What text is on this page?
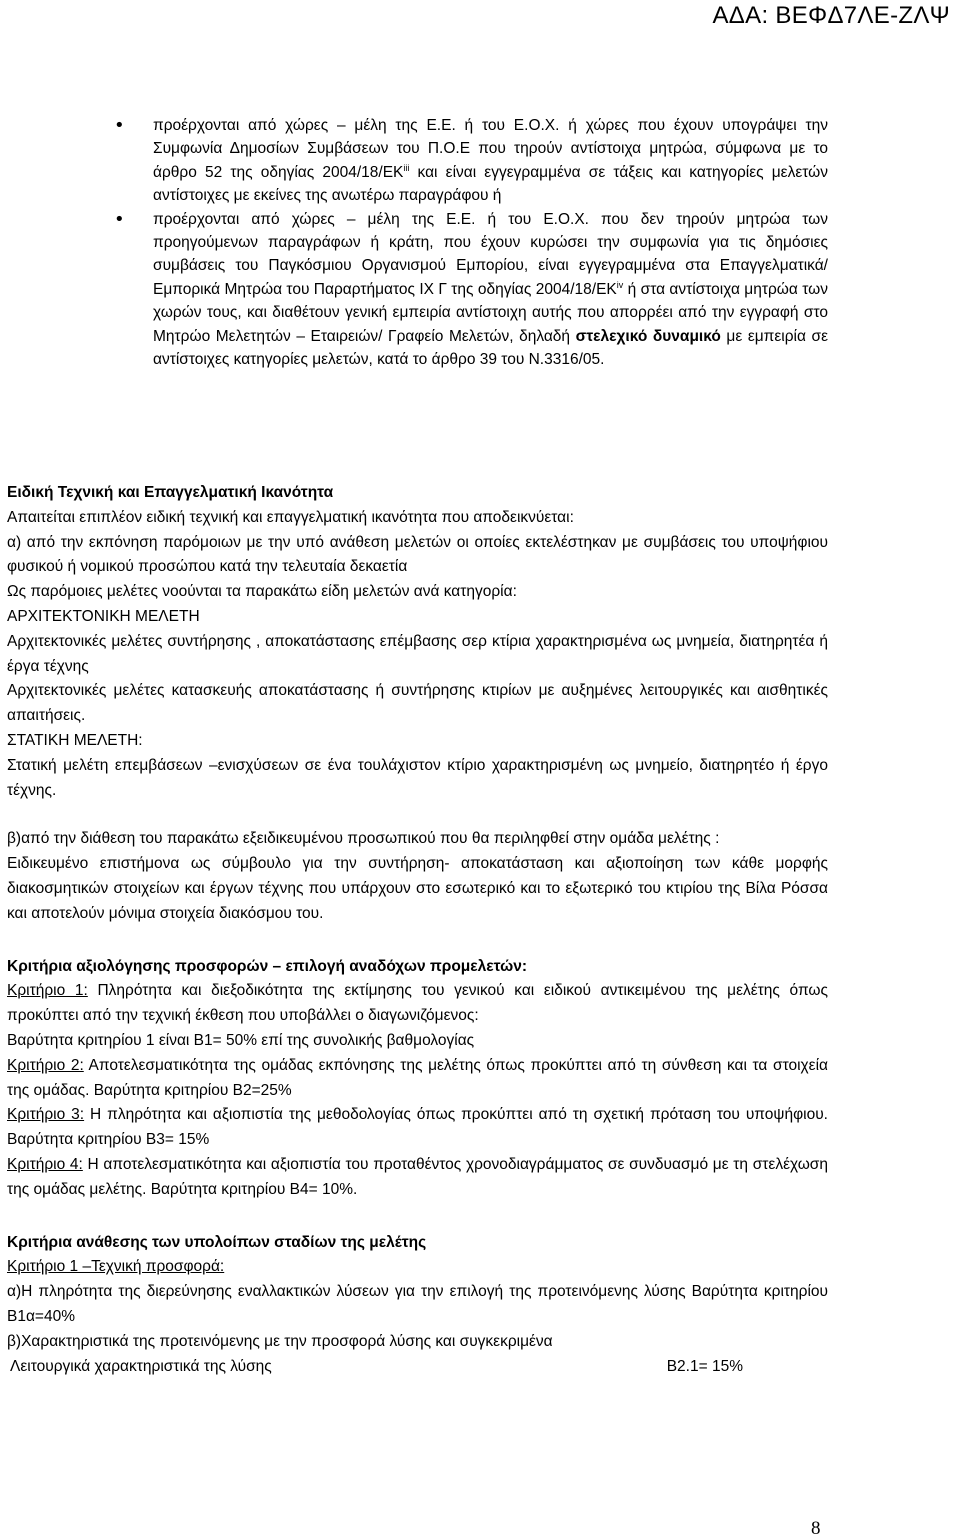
ΑΔΑ: ΒΕΦΔ7ΛΕ-ΖΛΨ
• προέρχονται από χώρες – μέλη της Ε.Ε. ή του Ε.Ο.Χ. ή χώρες που έχουν υπογράψει την Συμφωνία Δημοσίων Συμβάσεων του Π.Ο.Ε που τηρούν αντίστοιχα μητρώα, σύμφωνα με το άρθρο 52 της οδηγίας 2004/18/ΕΚ$^{iii}$ και είναι εγγεγραμμένα σε τάξεις και κατηγορίες μελετών αντίστοιχες με εκείνες της ανωτέρω παραγράφου ή
• προέρχονται από χώρες – μέλη της Ε.Ε. ή του Ε.Ο.Χ. που δεν τηρούν μητρώα των προηγούμενων παραγράφων ή κράτη, που έχουν κυρώσει την συμφωνία για τις δημόσιες συμβάσεις του Παγκόσμιου Οργανισμού Εμπορίου, είναι εγγεγραμμένα στα Επαγγελματικά/ Εμπορικά Μητρώα του Παραρτήματος IX Γ της οδηγίας 2004/18/ΕΚ$^{iv}$ ή στα αντίστοιχα μητρώα των χωρών τους, και διαθέτουν γενική εμπειρία αντίστοιχη αυτής που απορρέει από την εγγραφή στο Μητρώο Μελετητών – Εταιρειών/ Γραφείο Μελετών, δηλαδή στελεχικό δυναμικό με εμπειρία σε αντίστοιχες κατηγορίες μελετών, κατά το άρθρο 39 του Ν.3316/05.

Ειδική Τεχνική και Επαγγελματική Ικανότητα

Απαιτείται επιπλέον ειδική τεχνική και επαγγελματική ικανότητα που αποδεικνύεται:

α) από την εκπόνηση παρόμοιων με την υπό ανάθεση μελετών οι οποίες εκτελέστηκαν με συμβάσεις του υποψήφιου φυσικού ή νομικού προσώπου κατά την τελευταία δεκαετία

Ως παρόμοιες μελέτες νοούνται τα παρακάτω είδη μελετών ανά κατηγορία:

ΑΡΧΙΤΕΚΤΟΝΙΚΗ ΜΕΛΕΤΗ

Αρχιτεκτονικές μελέτες συντήρησης , αποκατάστασης επέμβασης σερ κτίρια χαρακτηρισμένα ως μνημεία, διατηρητέα ή έργα τέχνης

Αρχιτεκτονικές μελέτες κατασκευής αποκατάστασης ή συντήρησης κτιρίων με αυξημένες λειτουργικές και αισθητικές απαιτήσεις.

ΣΤΑΤΙΚΗ ΜΕΛΕΤΗ:

Στατική μελέτη επεμβάσεων –ενισχύσεων σε ένα τουλάχιστον κτίριο χαρακτηρισμένη ως μνημείο, διατηρητέο ή έργο τέχνης.

β)από την διάθεση του παρακάτω εξειδικευμένου προσωπικού που θα περιληφθεί στην ομάδα μελέτης :

Ειδικευμένο επιστήμονα ως σύμβουλο για την συντήρηση- αποκατάσταση και αξιοποίηση των κάθε μορφής διακοσμητικών στοιχείων και έργων τέχνης που υπάρχουν στο εσωτερικό και το εξωτερικό του κτιρίου της Βίλα Ρόσσα και αποτελούν μόνιμα στοιχεία διακόσμου του.

Κριτήρια αξιολόγησης προσφορών – επιλογή αναδόχων προμελετών:

Κριτήριο 1: Πληρότητα και διεξοδικότητα της εκτίμησης του γενικού και ειδικού αντικειμένου της μελέτης όπως προκύπτει από την τεχνική έκθεση που υποβάλλει ο διαγωνιζόμενος:

Βαρύτητα κριτηρίου 1 είναι Β1= 50% επί της συνολικής βαθμολογίας

Κριτήριο 2: Αποτελεσματικότητα της ομάδας εκπόνησης της μελέτης όπως προκύπτει από τη σύνθεση και τα στοιχεία της ομάδας. Βαρύτητα κριτηρίου Β2=25%

Κριτήριο 3: Η πληρότητα και αξιοπιστία της μεθοδολογίας όπως προκύπτει από τη σχετική πρόταση του υποψήφιου. Βαρύτητα κριτηρίου Β3= 15%

Κριτήριο 4: Η αποτελεσματικότητα και αξιοπιστία του προταθέντος χρονοδιαγράμματος σε συνδυασμό με τη στελέχωση της ομάδας μελέτης. Βαρύτητα κριτηρίου Β4= 10%.

Κριτήρια ανάθεσης των υπολοίπων σταδίων της μελέτης

Κριτήριο 1 –Τεχνική προσφορά:

α)Η πληρότητα της διερεύνησης εναλλακτικών λύσεων για την επιλογή της προτεινόμενης λύσης Βαρύτητα κριτηρίου Β1α=40%

β)Χαρακτηριστικά της προτεινόμενης με την προσφορά λύσης και συγκεκριμένα

Λειτουργικά χαρακτηριστικά της λύσης	Β2.1= 15%
8
